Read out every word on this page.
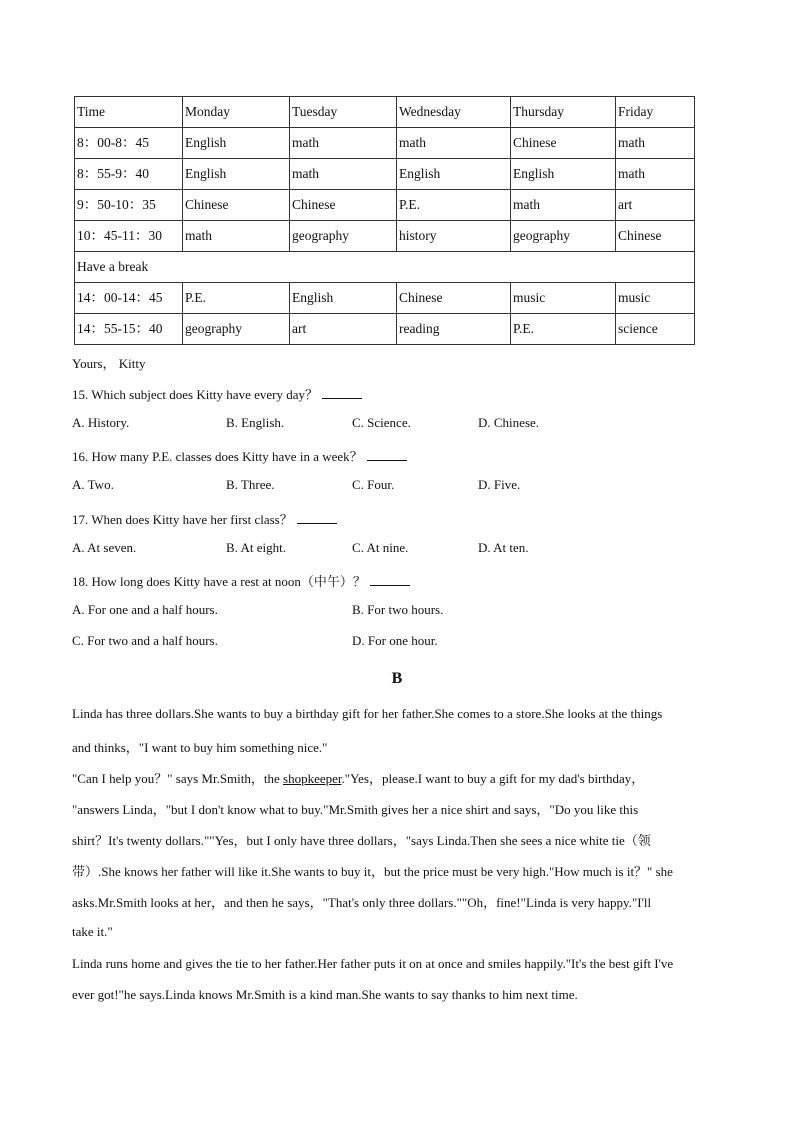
Time	Monday	Tuesday	Wednesday	Thursday	Friday
8：00-8：45	English	math	math	Chinese	math
8：55-9：40	English	math	English	English	math
9：50-10：35	Chinese	Chinese	P.E.	math	art
10：45-11：30	math	geography	history	geography	Chinese
Have a break					
14：00-14：45	P.E.	English	Chinese	music	music
14：55-15：40	geography	art	reading	P.E.	science
Yours， Kitty
15. Which subject does Kitty have every day？
A. History.	B. English.	C. Science.	D. Chinese.
16. How many P.E. classes does Kitty have in a week？
A. Two.	B. Three.	C. Four.	D. Five.
17. When does Kitty have her first class？
A. At seven.	B. At eight.	C. At nine.	D. At ten.
18. How long does Kitty have a rest at noon（中午）？
A. For one and a half hours.	B. For two hours.
C. For two and a half hours.	D. For one hour.
B
Linda has three dollars.She wants to buy a birthday gift for her father.She comes to a store.She looks at the things
and thinks，"I want to buy him something nice."
"Can I help you？" says Mr.Smith，the shopkeeper."Yes，please.I want to buy a gift for my dad's birthday，
"answers Linda，"but I don't know what to buy."Mr.Smith gives her a nice shirt and says，"Do you like this
shirt？It's twenty dollars.""Yes，but I only have three dollars，"says Linda.Then she sees a nice white tie（领
带）.She knows her father will like it.She wants to buy it，but the price must be very high."How much is it？" she
asks.Mr.Smith looks at her，and then he says，"That's only three dollars.""Oh，fine!"Linda is very happy."I'll
take it."
Linda runs home and gives the tie to her father.Her father puts it on at once and smiles happily."It's the best gift I've
ever got!"he says.Linda knows Mr.Smith is a kind man.She wants to say thanks to him next time.
